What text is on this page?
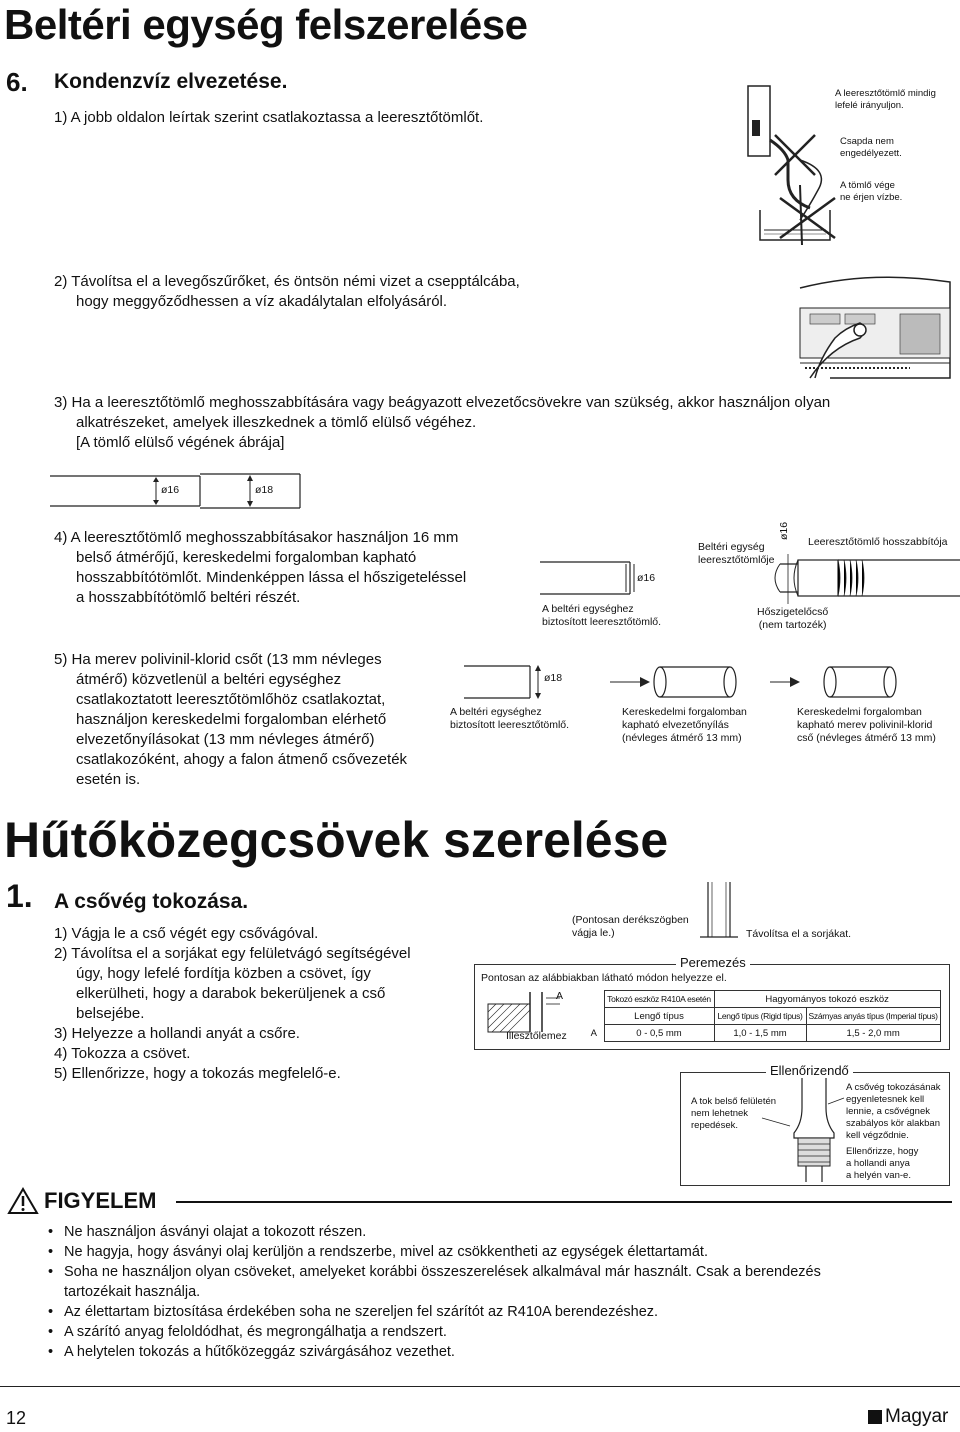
Beltéri egység felszerelése
6. Kondenzvíz elvezetése.
1) A jobb oldalon leírtak szerint csatlakoztassa a leeresztőtömlőt.
A leeresztőtömlő mindig
lefelé irányuljon.
Csapda nem
engedélyezett.
A tömlő vége
ne érjen vízbe.
2) Távolítsa el a levegőszűrőket, és öntsön némi vizet a csepptálcába,
hogy meggyőződhessen a víz akadálytalan elfolyásáról.
3) Ha a leeresztőtömlő meghosszabbítására vagy beágyazott elvezetőcsövekre van szükség, akkor használjon olyan
alkatrészeket, amelyek illeszkednek a tömlő elülső végéhez.
[A tömlő elülső végének ábrája]
ø16	ø18
4) A leeresztőtömlő meghosszabbításakor használjon 16 mm
belső átmérőjű, kereskedelmi forgalomban kapható
hosszabbítótömlőt. Mindenképpen lássa el hőszigeteléssel
a hosszabbítótömlő beltéri részét.
ø16
ø16
A beltéri egységhez
biztosított leeresztőtömlő.
Beltéri egység
leeresztőtömlője
Leeresztőtömlő hosszabbítója
Hőszigetelőcső
(nem tartozék)
5) Ha merev polivinil-klorid csőt (13 mm névleges
átmérő) közvetlenül a beltéri egységhez
csatlakoztatott leeresztőtömlőhöz csatlakoztat,
használjon kereskedelmi forgalomban elérhető
elvezetőnyílásokat (13 mm névleges átmérő)
csatlakozóként, ahogy a falon átmenő csővezeték
esetén is.
ø18
A beltéri egységhez
biztosított leeresztőtömlő.
Kereskedelmi forgalomban
kapható elvezetőnyílás
(névleges átmérő 13 mm)
Kereskedelmi forgalomban
kapható merev polivinil-klorid
cső (névleges átmérő 13 mm)
Hűtőközegcsövek szerelése
1. A csővég tokozása.
1) Vágja le a cső végét egy csővágóval.
2) Távolítsa el a sorjákat egy felületvágó segítségével
úgy, hogy lefelé fordítja közben a csövet, így
elkerülheti, hogy a darabok bekerüljenek a cső
belsejébe.
3) Helyezze a hollandi anyát a csőre.
4) Tokozza a csövet.
5) Ellenőrizze, hogy a tokozás megfelelő-e.
(Pontosan derékszögben
vágja le.)	Távolítsa el a sorjákat.
Peremezés
Pontosan az alábbiakban látható módon helyezze el.
A
Illesztőlemez
	Tokozó eszköz R410A esetén	Hagyományos tokozó eszköz	
	Lengő típus	Lengő típus (Rigid típus)	Szárnyas anyás típus (Imperial típus)
A	0 - 0,5 mm	1,0 - 1,5 mm	1,5 - 2,0 mm
Ellenőrizendő
A tok belső felületén
nem lehetnek
repedések.
A csővég tokozásának
egyenletesnek kell
lennie, a csővégnek
szabályos kör alakban
kell végződnie.
Ellenőrizze, hogy
a hollandi anya
a helyén van-e.
FIGYELEM
• Ne használjon ásványi olajat a tokozott részen.
• Ne hagyja, hogy ásványi olaj kerüljön a rendszerbe, mivel az csökkentheti az egységek élettartamát.
• Soha ne használjon olyan csöveket, amelyeket korábbi összeszerelések alkalmával már használt. Csak a berendezés
tartozékait használja.
• Az élettartam biztosítása érdekében soha ne szereljen fel szárítót az R410A berendezéshez.
• A szárító anyag feloldódhat, és megrongálhatja a rendszert.
• A helytelen tokozás a hűtőközeggáz szivárgásához vezethet.
12	Magyar
